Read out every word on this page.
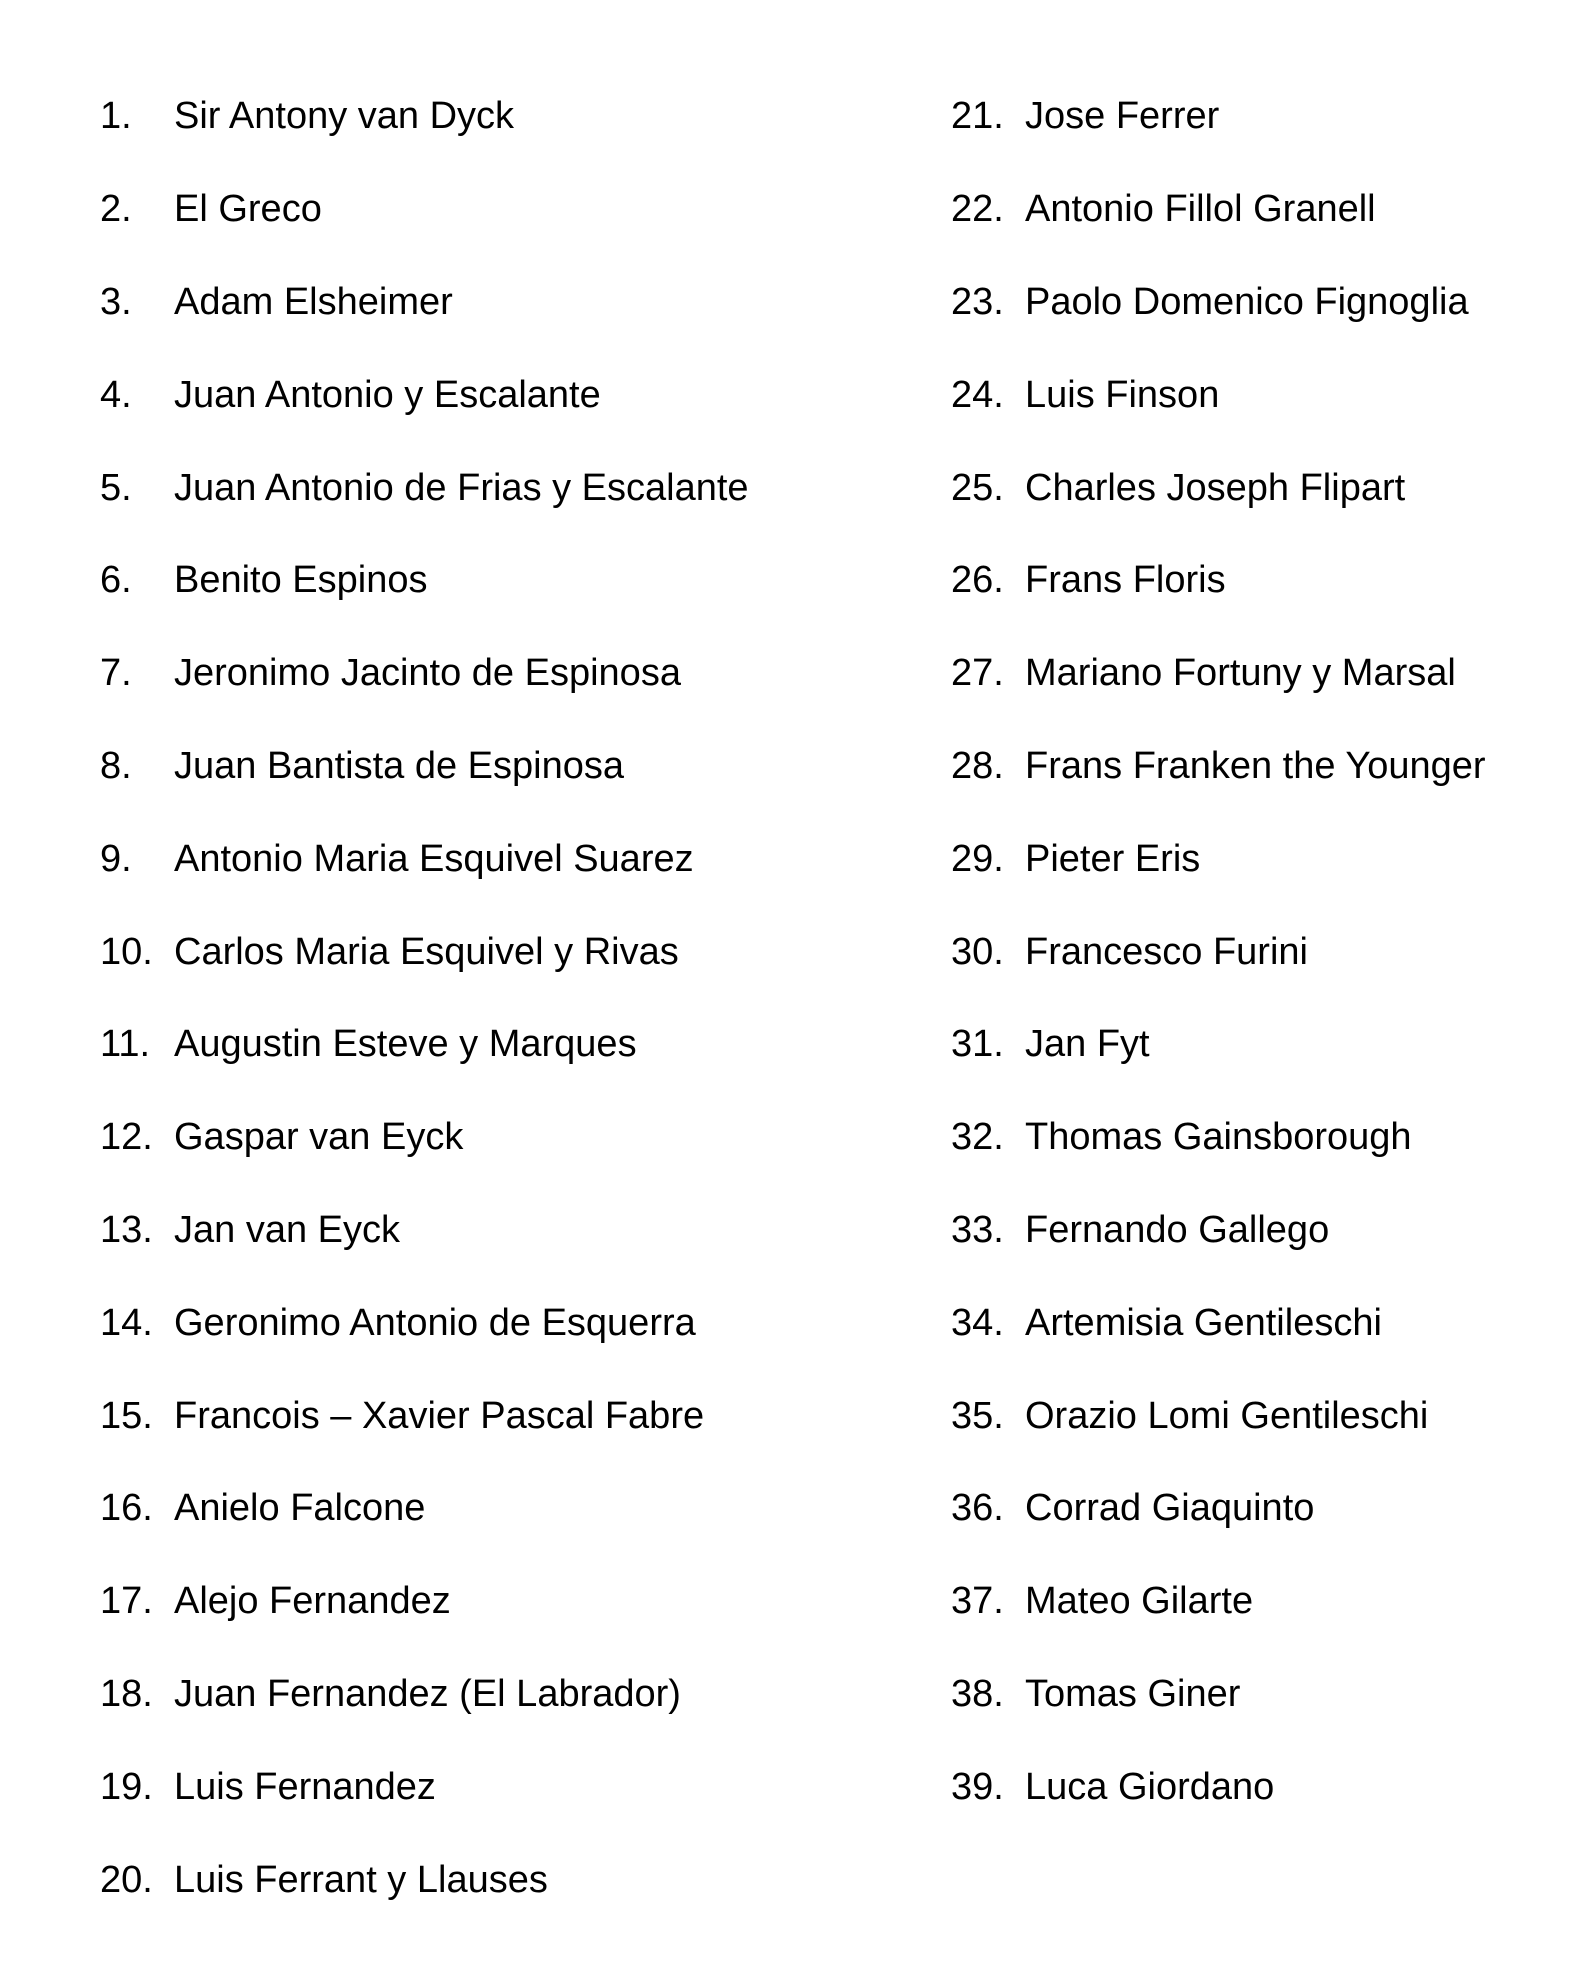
1.	Sir Antony van Dyck
2.	El Greco
3.	Adam Elsheimer
4.	Juan Antonio y Escalante
5.	Juan Antonio de Frias y Escalante
6.	Benito Espinos
7.	Jeronimo Jacinto de Espinosa
8.	Juan Bantista de Espinosa
9.	Antonio Maria Esquivel Suarez
10. Carlos Maria Esquivel y Rivas
11. Augustin Esteve y Marques
12. Gaspar van Eyck
13. Jan van Eyck
14. Geronimo Antonio de Esquerra
15. Francois – Xavier Pascal Fabre
16. Anielo Falcone
17. Alejo Fernandez
18. Juan Fernandez (El Labrador)
19. Luis Fernandez
20. Luis Ferrant y Llauses
21. Jose Ferrer
22. Antonio Fillol Granell
23. Paolo Domenico Fignoglia
24. Luis Finson
25. Charles Joseph Flipart
26. Frans Floris
27. Mariano Fortuny y Marsal
28. Frans Franken the Younger
29. Pieter Eris
30. Francesco Furini
31. Jan Fyt
32. Thomas Gainsborough
33. Fernando Gallego
34. Artemisia Gentileschi
35. Orazio Lomi Gentileschi
36. Corrad Giaquinto
37. Mateo Gilarte
38. Tomas Giner
39. Luca Giordano
